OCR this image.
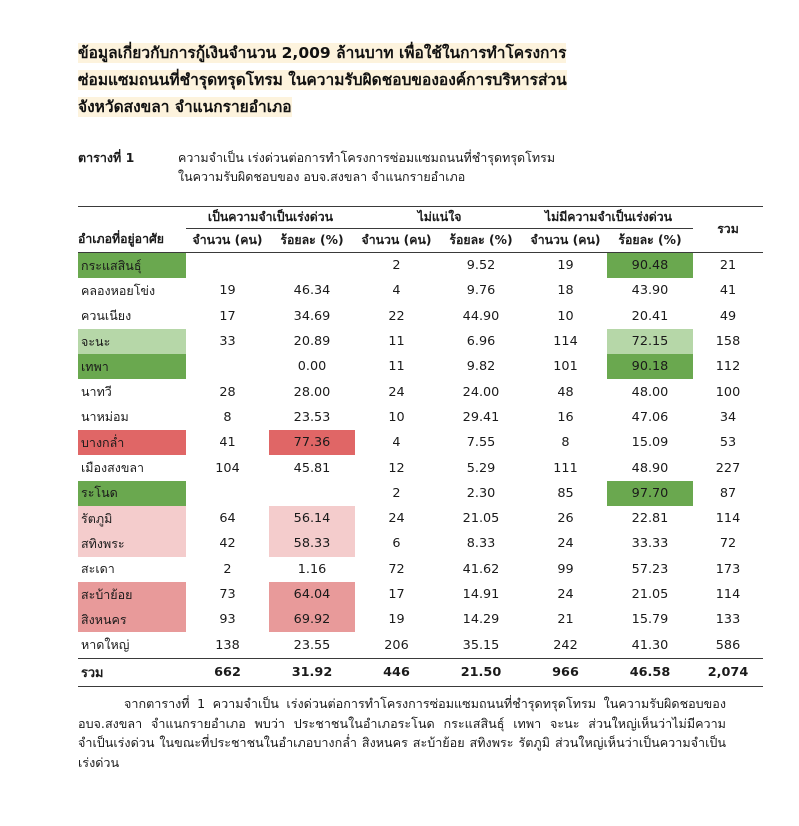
ข้อมูลเกี่ยวกับการกู้เงินจำนวน 2,009 ล้านบาท เพื่อใช้ในการทำโครงการ
ซ่อมแซมถนนที่ชำรุดทรุดโทรม ในความรับผิดชอบขององค์การบริหารส่วน
จังหวัดสงขลา จำแนกรายอำเภอ
ตารางที่ 1	ความจำเป็น เร่งด่วนต่อการทำโครงการซ่อมแซมถนนที่ชำรุดทรุดโทรม
ในความรับผิดชอบของ อบจ.สงขลา จำแนกรายอำเภอ

อำเภอที่อยู่อาศัย	เป็นความจำเป็นเร่งด่วน		ไม่แน่ใจ		ไม่มีความจำเป็นเร่งด่วน		รวม
	จำนวน (คน)	ร้อยละ (%)	จำนวน (คน)	ร้อยละ (%)	จำนวน (คน)	ร้อยละ (%)	

กระแสสินธุ์			2	9.52	19	90.48	21
คลองหอยโข่ง	19	46.34	4	9.76	18	43.90	41
ควนเนียง	17	34.69	22	44.90	10	20.41	49
จะนะ	33	20.89	11	6.96	114	72.15	158
เทพา		0.00	11	9.82	101	90.18	112
นาทวี	28	28.00	24	24.00	48	48.00	100
นาหม่อม	8	23.53	10	29.41	16	47.06	34
บางกล่ำ	41	77.36	4	7.55	8	15.09	53
เมืองสงขลา	104	45.81	12	5.29	111	48.90	227
ระโนด			2	2.30	85	97.70	87
รัตภูมิ	64	56.14	24	21.05	26	22.81	114
สทิงพระ	42	58.33	6	8.33	24	33.33	72
สะเดา	2	1.16	72	41.62	99	57.23	173
สะบ้าย้อย	73	64.04	17	14.91	24	21.05	114
สิงหนคร	93	69.92	19	14.29	21	15.79	133
หาดใหญ่	138	23.55	206	35.15	242	41.30	586

รวม	662	31.92	446	21.50	966	46.58	2,074

จากตารางที่ 1 ความจำเป็น เร่งด่วนต่อการทำโครงการซ่อมแซมถนนที่ชำรุดทรุดโทรม ในความรับผิดชอบของ อบจ.สงขลา จำแนกรายอำเภอ พบว่า ประชาชนในอำเภอระโนด กระแสสินธุ์ เทพา จะนะ ส่วนใหญ่เห็นว่าไม่มีความจำเป็นเร่งด่วน ในขณะที่ประชาชนในอำเภอบางกล่ำ สิงหนคร สะบ้าย้อย สทิงพระ รัตภูมิ ส่วนใหญ่เห็นว่าเป็นความจำเป็นเร่งด่วน
